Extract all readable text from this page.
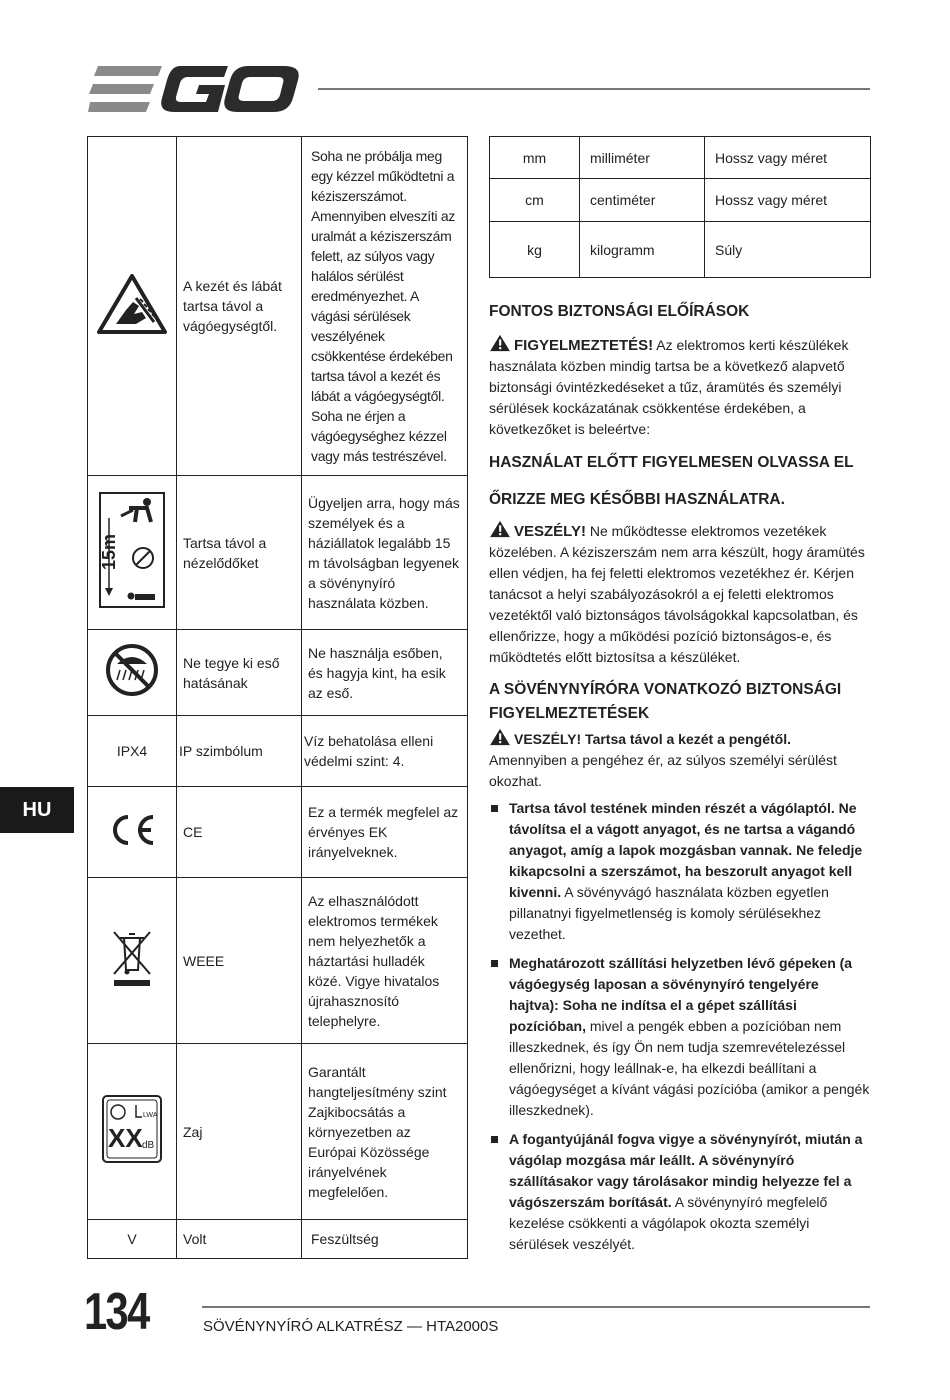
	A kezét és lábát tartsa távol a vágóegységtől.	Soha ne próbálja meg egy kézzel működtetni a kéziszerszámot. Amennyiben elveszíti az uralmát a kéziszerszám felett, az súlyos vagy halálos sérülést eredményezhet. A vágási sérülések veszélyének csökkentése érdekében tartsa távol a kezét és lábát a vágóegységtől. Soha ne érjen a vágóegységhez kézzel vagy más testrészével.

15m	Tartsa távol a nézelődőket	Ügyeljen arra, hogy más személyek és a háziállatok legalább 15 m távolságban legyenek a sövénynyíró használata közben.
	Ne tegye ki eső hatásának	Ne használja esőben, és hagyja kint, ha esik az eső.
IPX4	IP szimbólum	Víz behatolása elleni védelmi szint: 4.
	CE	Ez a termék megfelel az érvényes EK irányelveknek.
	WEEE	Az elhasználódott elektromos termékek nem helyezhetők a háztartási hulladék közé. Vigye hivatalos újrahasznosító telephelyre.

LWA
XX dB	Zaj	Garantált hangteljesítmény szint Zajkibocsátás a környezetben az Európai Közössége irányelvének megfelelően.
V	Volt	Feszültség
mm	milliméter	Hossz vagy méret
cm	centiméter	Hossz vagy méret
kg	kilogramm	Súly
FONTOS BIZTONSÁGI ELŐÍRÁSOK

FIGYELMEZTETÉS! Az elektromos kerti készülékek használata közben mindig tartsa be a következő alapvető biztonsági óvintézkedéseket a tűz, áramütés és személyi sérülések kockázatának csökkentése érdekében, a következőket is beleértve:

HASZNÁLAT ELŐTT FIGYELMESEN OLVASSA EL
ŐRIZZE MEG KÉSŐBBI HASZNÁLATRA.

VESZÉLY! Ne működtesse elektromos vezetékek közelében. A kéziszerszám nem arra készült, hogy áramütés ellen védjen, ha fej feletti elektromos vezetékhez ér. Kérjen tanácsot a helyi szabályozásokról a ej feletti elektromos vezetéktől való biztonságos távolságokkal kapcsolatban, és ellenőrizze, hogy a működési pozíció biztonságos-e, és működtetés előtt biztosítsa a készüléket.

A SÖVÉNYNYÍRÓRA VONATKOZÓ BIZTONSÁGI FIGYELMEZTETÉSEK

VESZÉLY! Tartsa távol a kezét a pengétől.
Amennyiben a pengéhez ér, az súlyos személyi sérülést okozhat.

Tartsa távol testének minden részét a vágólaptól. Ne távolítsa el a vágott anyagot, és ne tartsa a vágandó anyagot, amíg a lapok mozgásban vannak. Ne feledje kikapcsolni a szerszámot, ha beszorult anyagot kell kivenni. A sövényvágó használata közben egyetlen pillanatnyi figyelmetlenség is komoly sérülésekhez vezethet.
Meghatározott szállítási helyzetben lévő gépeken (a vágóegység laposan a sövénynyíró tengelyére hajtva): Soha ne indítsa el a gépet szállítási pozícióban, mivel a pengék ebben a pozícióban nem illeszkednek, és így Ön nem tudja szemrevételezéssel ellenőrizni, hogy leállnak-e, ha elkezdi beállítani a vágóegységet a kívánt vágási pozícióba (amikor a pengék illeszkednek).
A fogantyújánál fogva vigye a sövénynyírót, miután a vágólap mozgása már leállt. A sövénynyíró szállításakor vagy tárolásakor mindig helyezze fel a vágószerszám borítását. A sövénynyíró megfelelő kezelése csökkenti a vágólapok okozta személyi sérülések veszélyét.
HU
134	SÖVÉNYNYÍRÓ ALKATRÉSZ — HTA2000S
